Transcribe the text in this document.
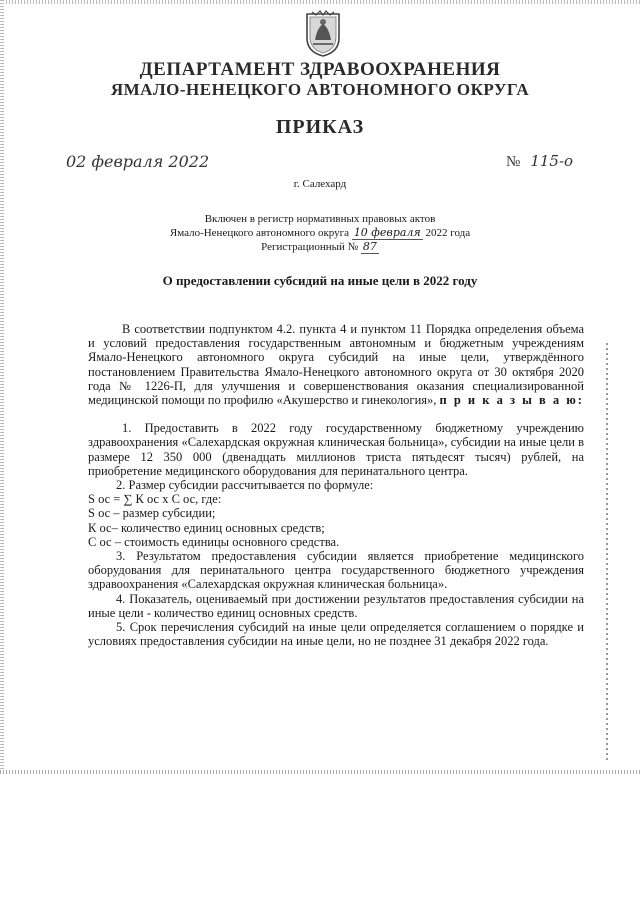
ДЕПАРТАМЕНТ ЗДРАВООХРАНЕНИЯ
ЯМАЛО-НЕНЕЦКОГО АВТОНОМНОГО ОКРУГА
ПРИКАЗ
02 февраля 2022	№ 115-о
г. Салехард
Включен в регистр нормативных правовых актов
Ямало-Ненецкого автономного округа 10 февраля 2022 года
Регистрационный № 87
О предоставлении субсидий на иные цели в 2022 году

В соответствии подпунктом 4.2. пункта 4 и пунктом 11 Порядка определения объема и условий предоставления государственным автономным и бюджетным учреждениям Ямало-Ненецкого автономного округа субсидий на иные цели, утверждённого постановлением Правительства Ямало-Ненецкого автономного округа от 30 октября 2020 года № 1226-П, для улучшения и совершенствования оказания специализированной медицинской помощи по профилю «Акушерство и гинекология», п р и к а з ы в а ю:

1. Предоставить в 2022 году государственному бюджетному учреждению здравоохранения «Салехардская окружная клиническая больница», субсидии на иные цели в размере 12 350 000 (двенадцать миллионов триста пятьдесят тысяч) рублей, на приобретение медицинского оборудования для перинатального центра.

2. Размер субсидии рассчитывается по формуле:

S ос = ∑ К ос x С ос, где:

S ос – размер субсидии;

К ос– количество единиц основных средств;

С ос – стоимость единицы основного средства.

3. Результатом предоставления субсидии является приобретение медицинского оборудования для перинатального центра государственного бюджетного учреждения здравоохранения «Салехардская окружная клиническая больница».

4. Показатель, оцениваемый при достижении результатов предоставления субсидии на иные цели - количество единиц основных средств.

5. Срок перечисления субсидий на иные цели определяется соглашением о порядке и условиях предоставления субсидии на иные цели, но не позднее 31 декабря 2022 года.
